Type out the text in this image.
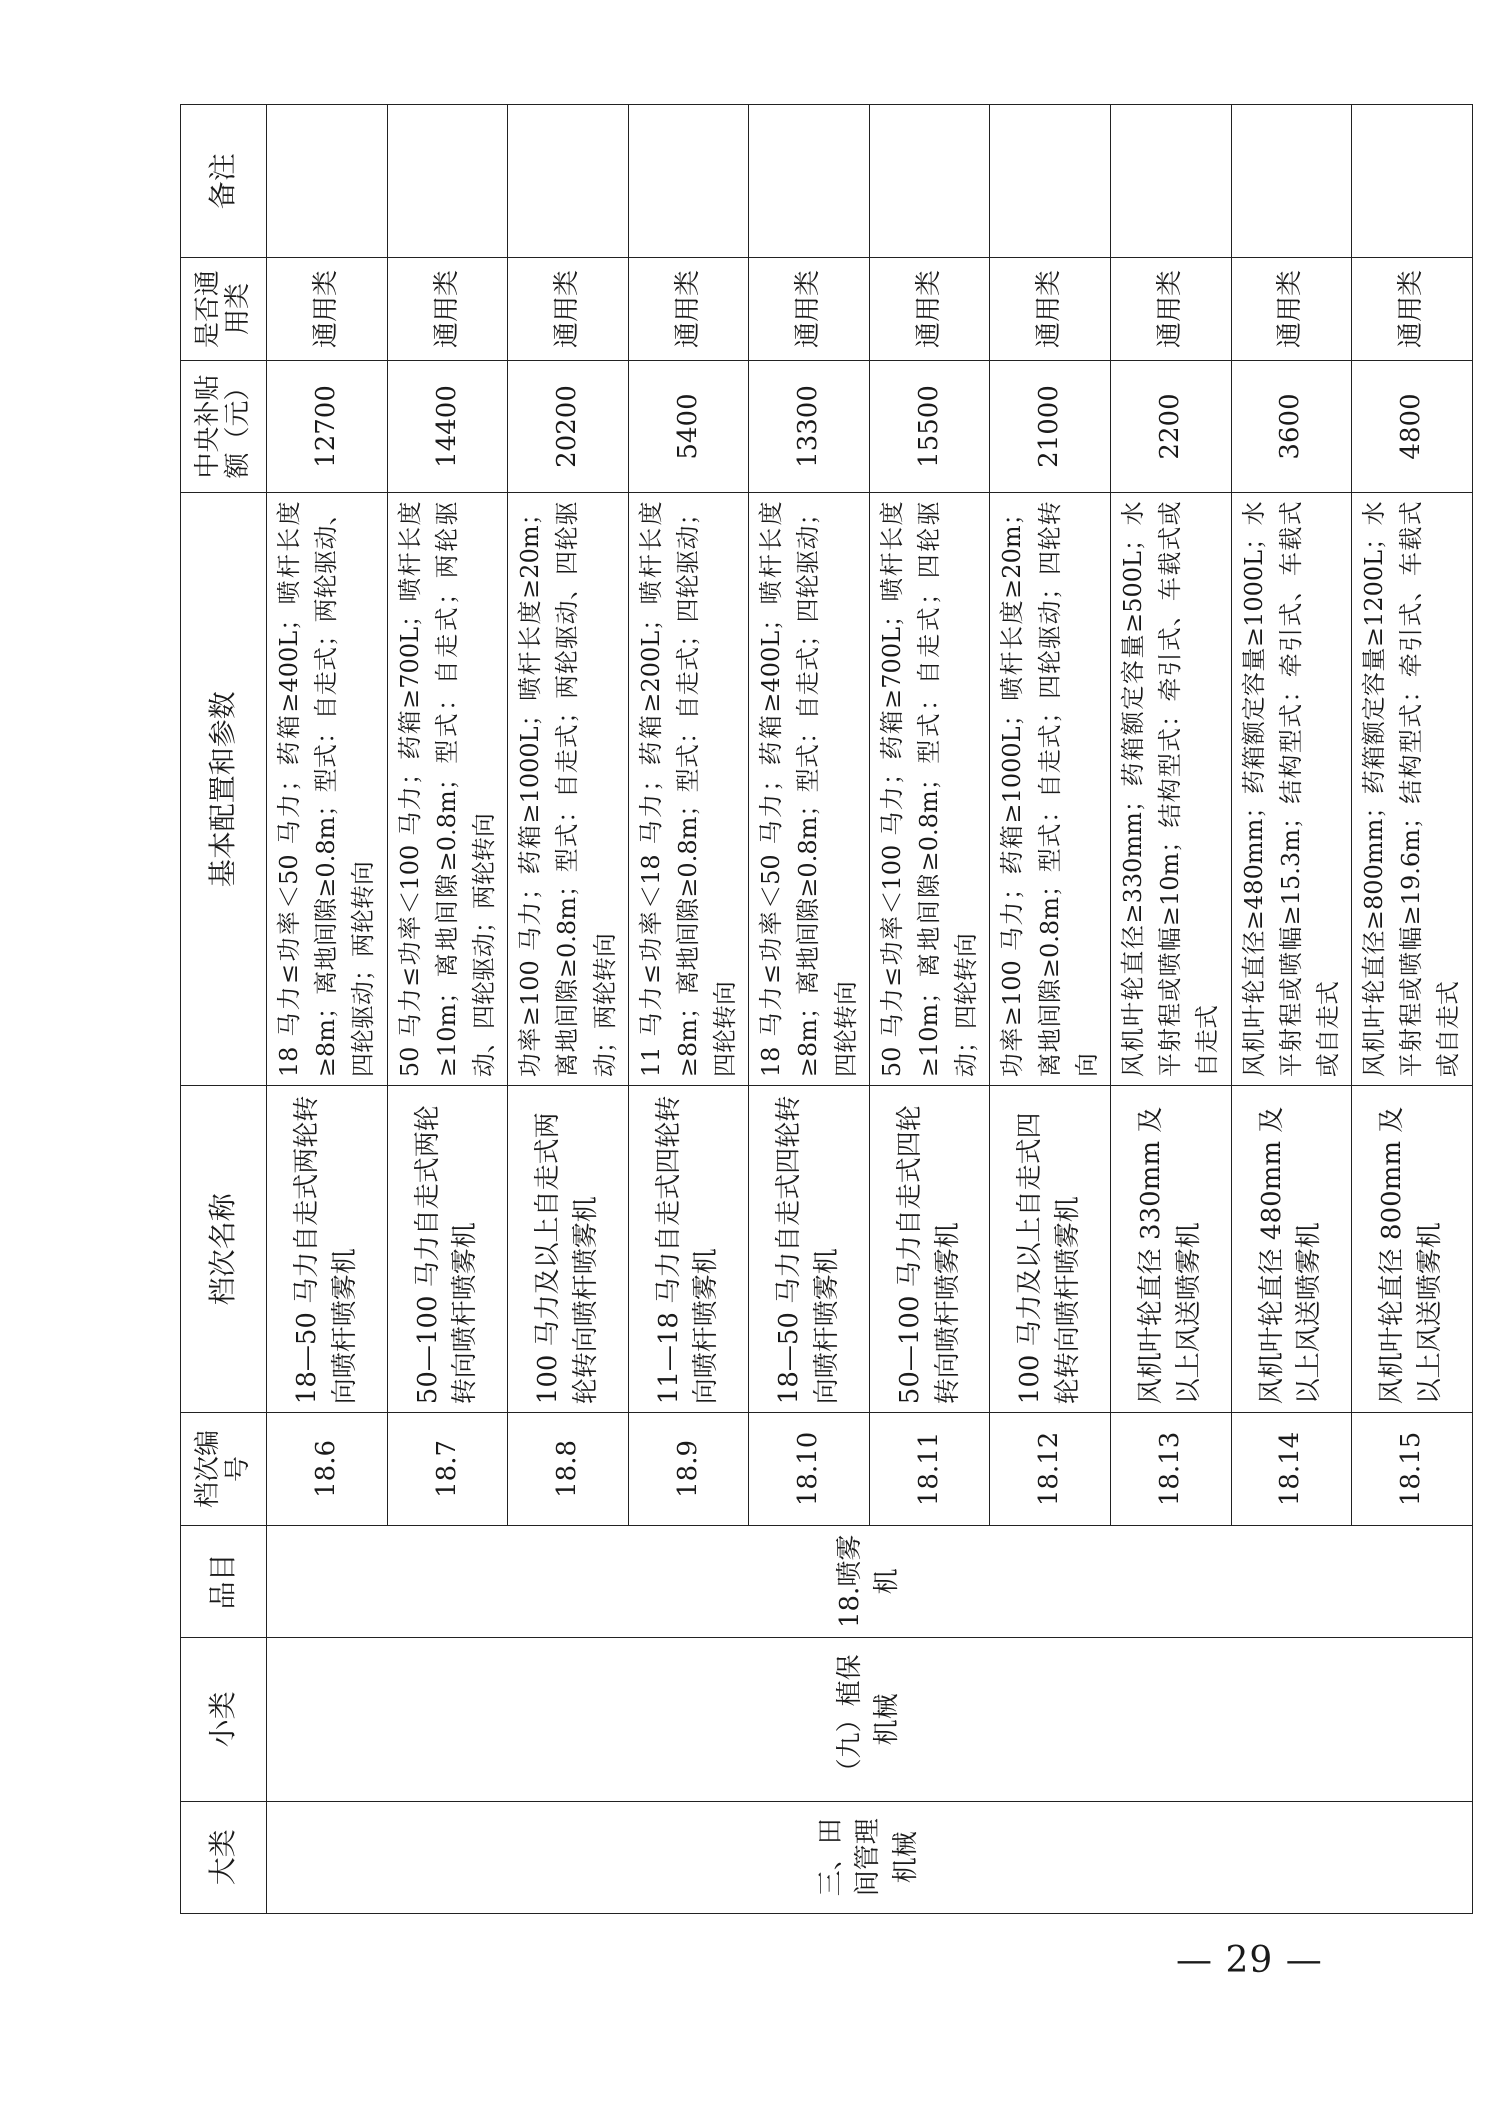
大类	小类	品目	档次编号	档次名称	基本配置和参数	中央补贴额（元）	是否通用类	备注
三、田间管理机械	（九）植保机械	18.喷雾机	18.6	18—50 马力自走式两轮转向喷杆喷雾机	18 马力≤功率＜50 马力；药箱≥400L；喷杆长度≥8m；离地间隙≥0.8m；型式：自走式；两轮驱动、四轮驱动；两轮转向	12700	通用类	
			18.7	50—100 马力自走式两轮转向喷杆喷雾机	50 马力≤功率＜100 马力；药箱≥700L；喷杆长度≥10m；离地间隙≥0.8m；型式：自走式；两轮驱动、四轮驱动；两轮转向	14400	通用类	
			18.8	100 马力及以上自走式两轮转向喷杆喷雾机	功率≥100 马力；药箱≥1000L；喷杆长度≥20m；离地间隙≥0.8m；型式：自走式；两轮驱动、四轮驱动；两轮转向	20200	通用类	
			18.9	11—18 马力自走式四轮转向喷杆喷雾机	11 马力≤功率＜18 马力；药箱≥200L；喷杆长度≥8m；离地间隙≥0.8m；型式：自走式；四轮驱动；四轮转向	5400	通用类	
			18.10	18—50 马力自走式四轮转向喷杆喷雾机	18 马力≤功率＜50 马力；药箱≥400L；喷杆长度≥8m；离地间隙≥0.8m；型式：自走式；四轮驱动；四轮转向	13300	通用类	
			18.11	50—100 马力自走式四轮转向喷杆喷雾机	50 马力≤功率＜100 马力；药箱≥700L；喷杆长度≥10m；离地间隙≥0.8m；型式：自走式；四轮驱动；四轮转向	15500	通用类	
			18.12	100 马力及以上自走式四轮转向喷杆喷雾机	功率≥100 马力；药箱≥1000L；喷杆长度≥20m；离地间隙≥0.8m；型式：自走式；四轮驱动；四轮转向	21000	通用类	
			18.13	风机叶轮直径 330mm 及以上风送喷雾机	风机叶轮直径≥330mm；药箱额定容量≥500L；水平射程或喷幅≥10m；结构型式：牵引式、车载式或自走式	2200	通用类	
			18.14	风机叶轮直径 480mm 及以上风送喷雾机	风机叶轮直径≥480mm；药箱额定容量≥1000L；水平射程或喷幅≥15.3m；结构型式：牵引式、车载式或自走式	3600	通用类	
			18.15	风机叶轮直径 800mm 及以上风送喷雾机	风机叶轮直径≥800mm；药箱额定容量≥1200L；水平射程或喷幅≥19.6m；结构型式：牵引式、车载式或自走式	4800	通用类	
— 29 —
